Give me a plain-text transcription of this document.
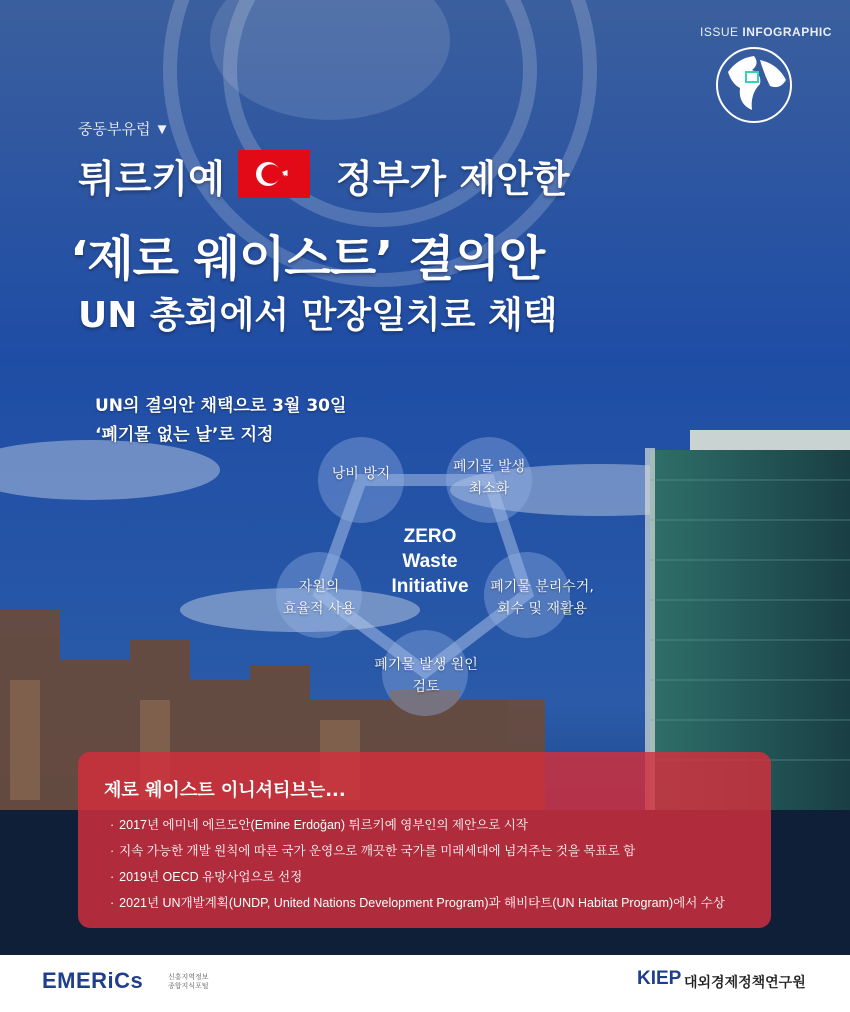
ISSUE INFOGRAPHIC
중동부유럽 ▼
튀르키예	정부가 제안한
‘제로 웨이스트’ 결의안
UN 총회에서 만장일치로 채택
UN의 결의안 채택으로 3월 30일
‘폐기물 없는 날’로 지정
낭비 방지	폐기물 발생
최소화
폐기물 분리수거,
회수 및 재활용
폐기물 발생 원인
검토
자원의
효율적 사용
ZERO
Waste
Initiative
제로 웨이스트 이니셔티브는...
· 2017년 에미네 에르도안(Emine Erdoğan) 튀르키예 영부인의 제안으로 시작
· 지속 가능한 개발 원칙에 따른 국가 운영으로 깨끗한 국가를 미래세대에 넘겨주는 것을 목표로 함
· 2019년 OECD 유망사업으로 선정
· 2021년 UN개발계획(UNDP, United Nations Development Program)과 해비타트(UN Habitat Program)에서 수상
EMERiCs	신흥지역정보
종합지식포털	KIEP 대외경제정책연구원
